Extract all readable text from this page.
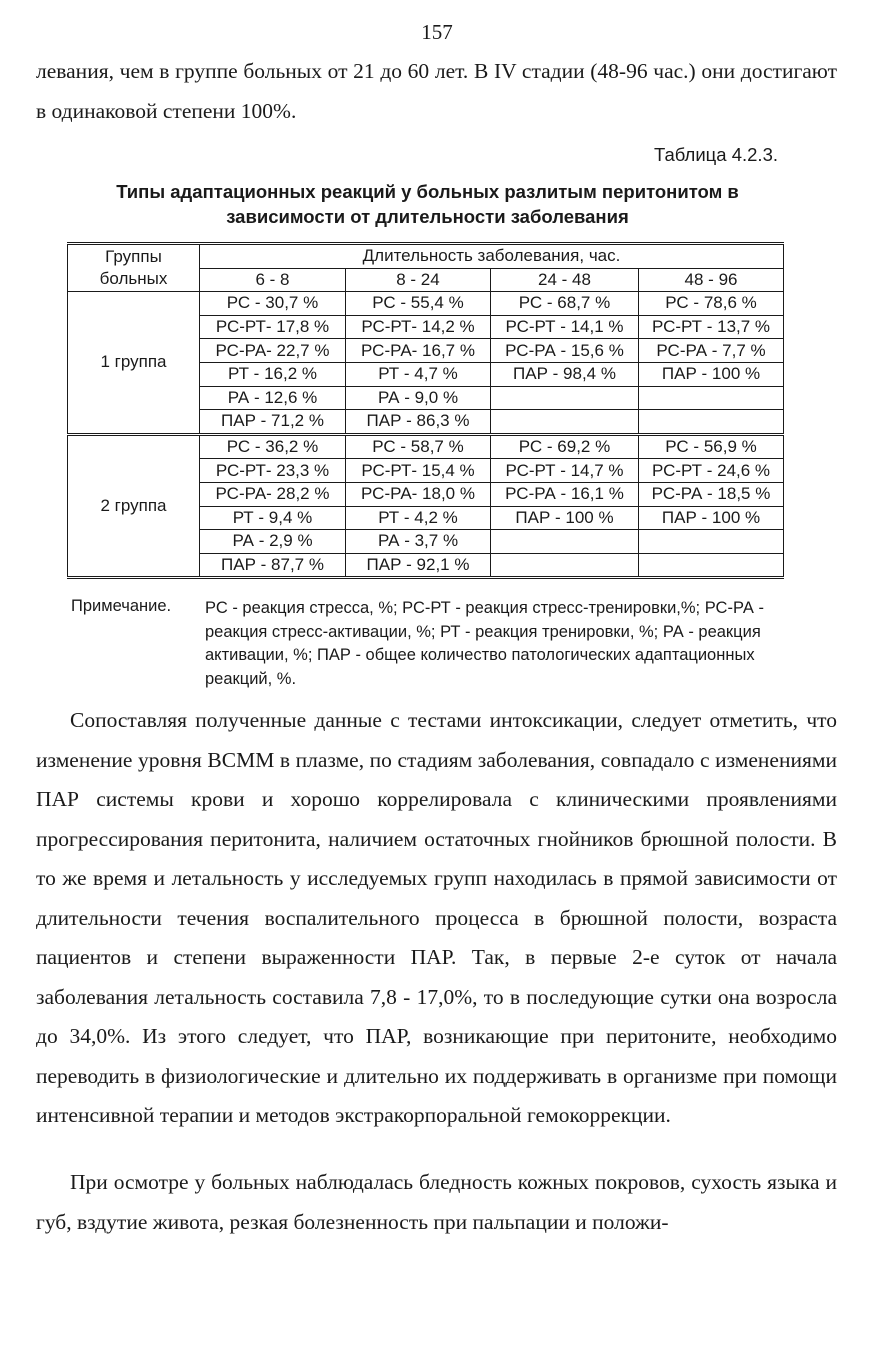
157

левания, чем в группе больных от 21 до 60 лет. В IV стадии (48-96 час.) они достигают в одинаковой степени 100%.

Таблица 4.2.3.
Типы адаптационных реакций у больных разлитым перитонитом в зависимости от длительности заболевания
Группы больных	Длительность заболевания, час.			
	6 - 8	8 - 24	24 - 48	48 - 96
1 группа	РС - 30,7 %	РС - 55,4 %	РС - 68,7 %	РС - 78,6 %
	РС-РТ- 17,8 %	РС-РТ- 14,2 %	РС-РТ - 14,1 %	РС-РТ - 13,7 %
	РС-РА- 22,7 %	РС-РА- 16,7 %	РС-РА - 15,6 %	РС-РА - 7,7 %
	РТ - 16,2 %	РТ - 4,7 %	ПАР - 98,4 %	ПАР - 100 %
	РА - 12,6 %	РА - 9,0 %		
	ПАР - 71,2 %	ПАР - 86,3 %		
2 группа	РС - 36,2 %	РС - 58,7 %	РС - 69,2 %	РС - 56,9 %
	РС-РТ- 23,3 %	РС-РТ- 15,4 %	РС-РТ - 14,7 %	РС-РТ - 24,6 %
	РС-РА- 28,2 %	РС-РА- 18,0 %	РС-РА - 16,1 %	РС-РА - 18,5 %
	РТ - 9,4 %	РТ - 4,2 %	ПАР - 100 %	ПАР - 100 %
	РА - 2,9 %	РА - 3,7 %		
	ПАР - 87,7 %	ПАР - 92,1 %		
Примечание. РС - реакция стресса, %; РС-РТ - реакция стресс-тренировки,%; РС-РА - реакция стресс-активации, %; РТ - реакция тренировки, %; РА - реакция активации, %; ПАР - общее количество патологических адаптационных реакций, %.

Сопоставляя полученные данные с тестами интоксикации, следует отметить, что изменение уровня ВСММ в плазме, по стадиям заболевания, совпадало с изменениями ПАР системы крови и хорошо коррелировала с клиническими проявлениями прогрессирования перитонита, наличием остаточных гнойников брюшной полости. В то же время и летальность у исследуемых групп находилась в прямой зависимости от длительности течения воспалительного процесса в брюшной полости, возраста пациентов и степени выраженности ПАР. Так, в первые 2-е суток от начала заболевания летальность составила 7,8 - 17,0%, то в последующие сутки она возросла до 34,0%. Из этого следует, что ПАР, возникающие при перитоните, необходимо переводить в физиологические и длительно их поддерживать в организме при помощи интенсивной терапии и методов экстракорпоральной гемокоррекции.

При осмотре у больных наблюдалась бледность кожных покровов, сухость языка и губ, вздутие живота, резкая болезненность при пальпации и положи-
